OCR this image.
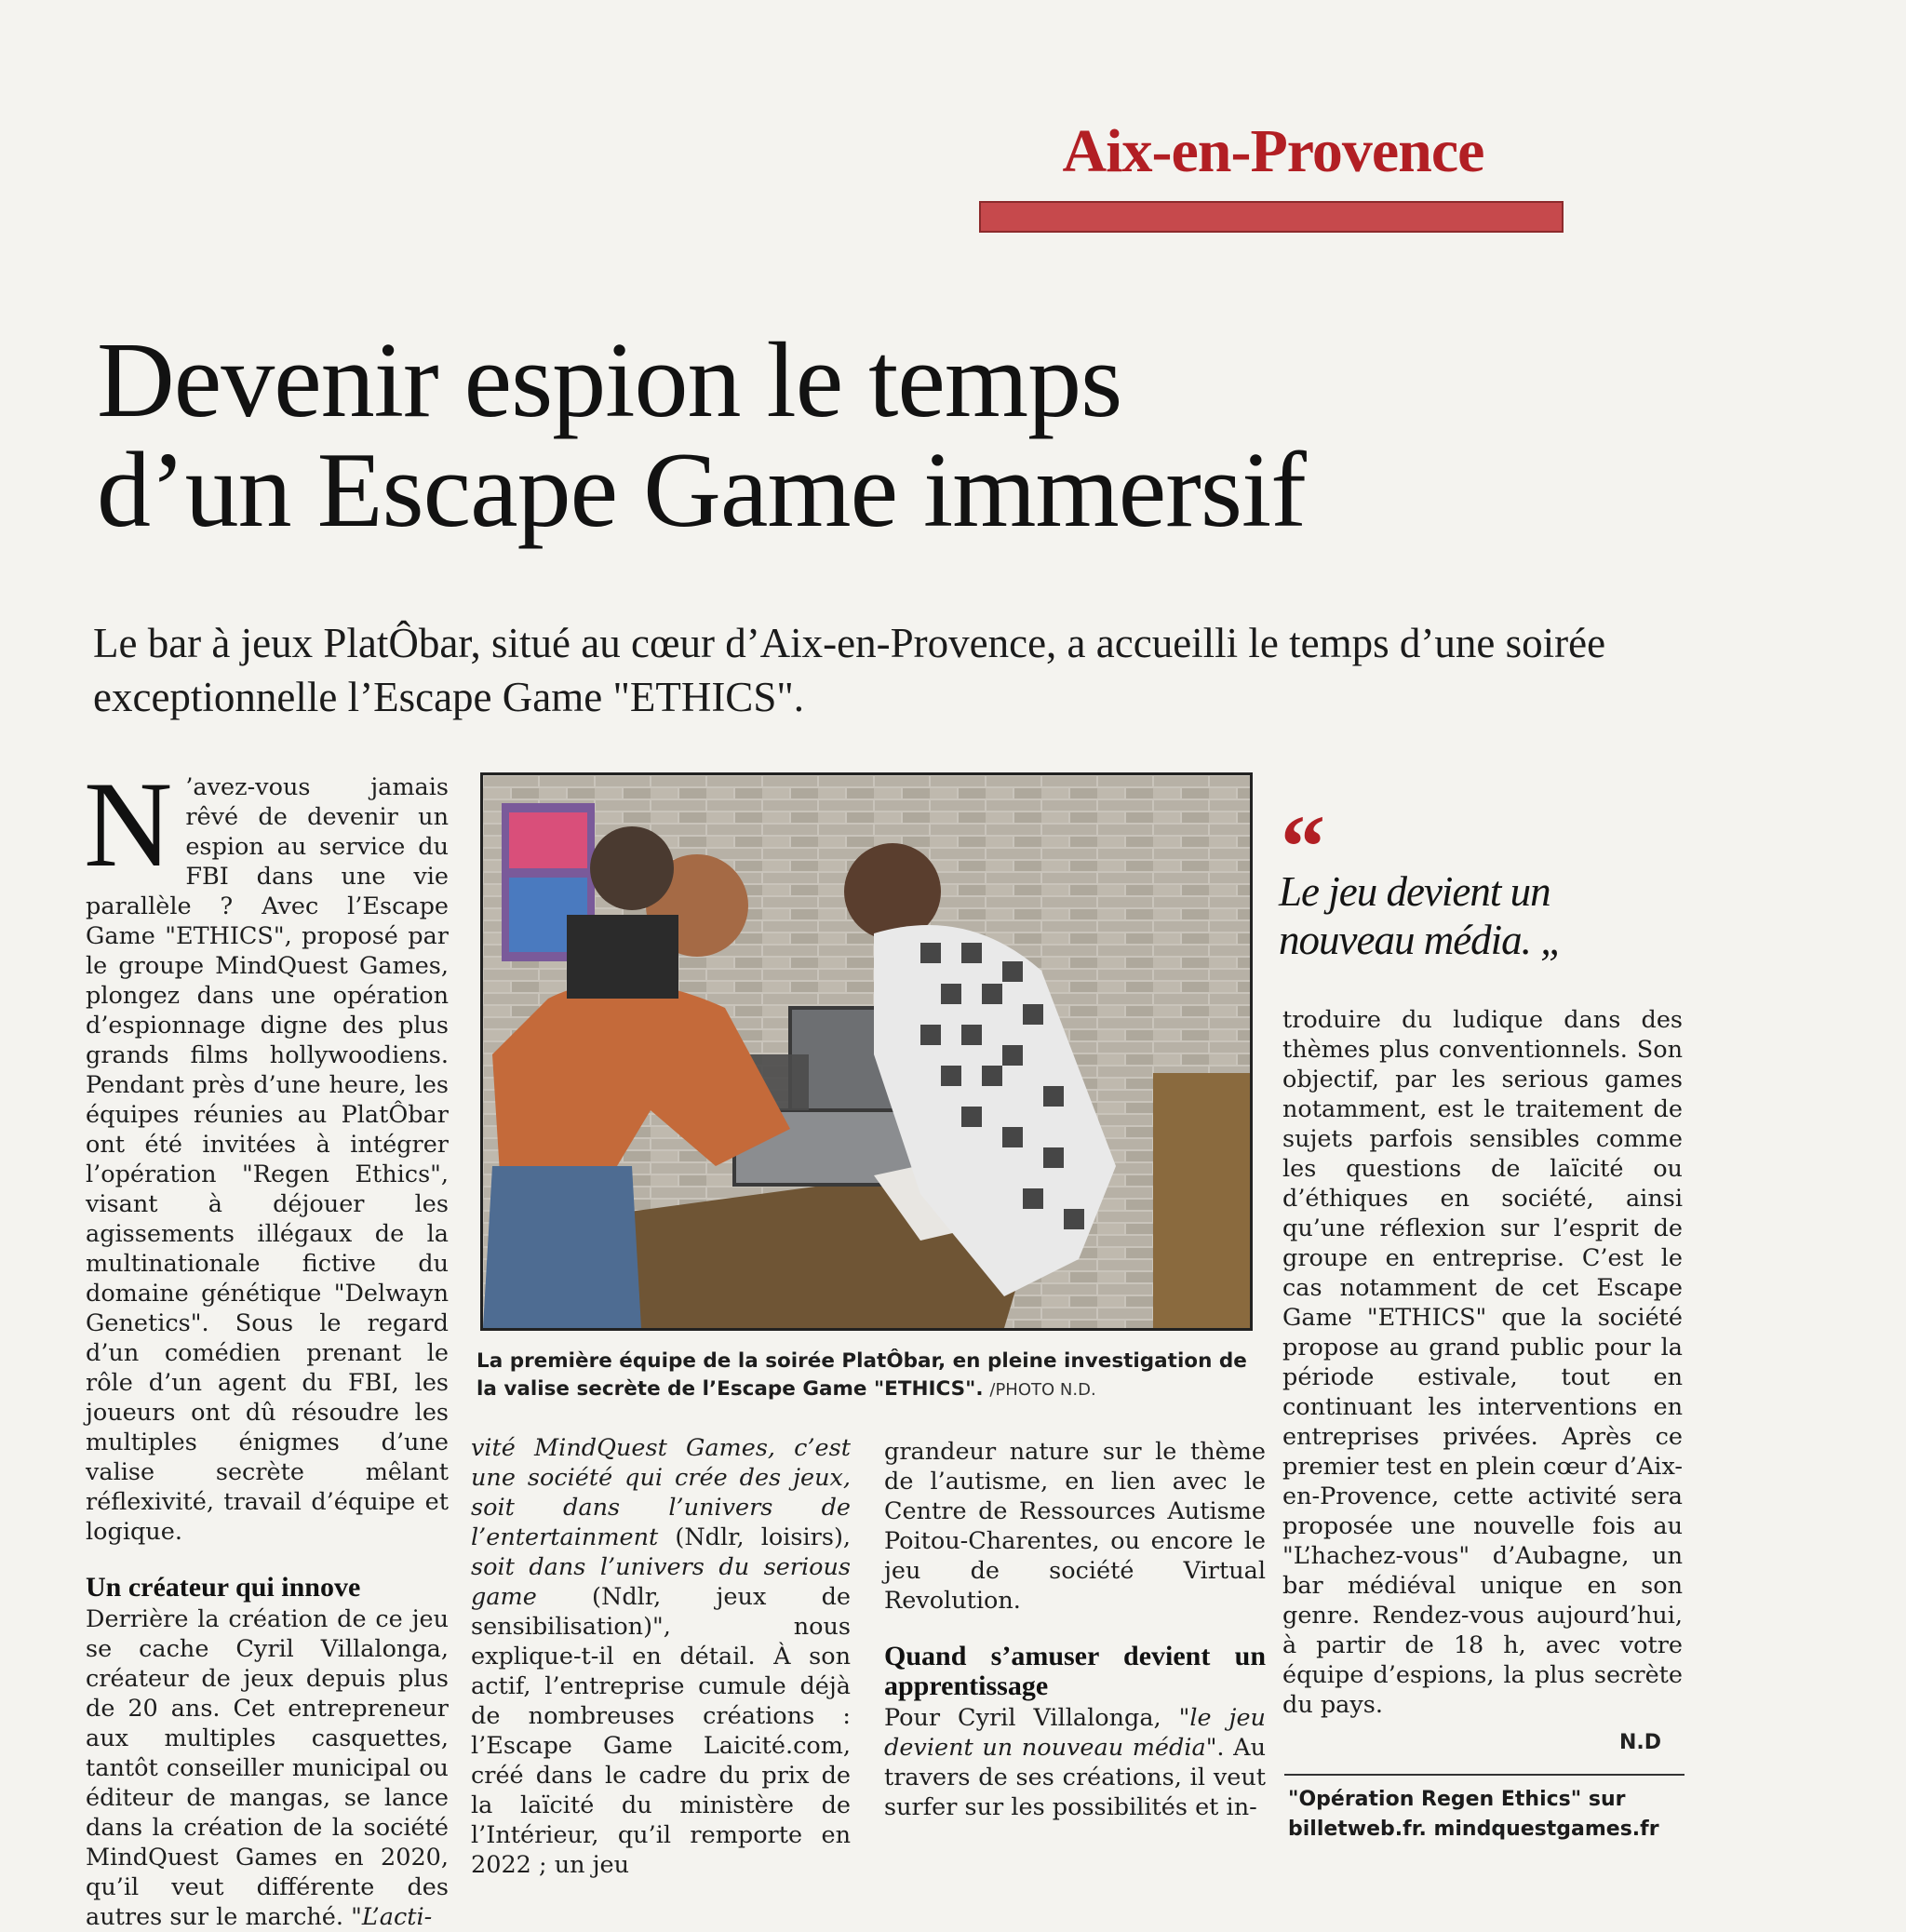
Aix-en-Provence
Devenir espion le temps
d’un Escape Game immersif
Le bar à jeux PlatÔbar, situé au cœur d’Aix-en-Provence, a accueilli le temps d’une soirée exceptionnelle l’Escape Game "ETHICS".
N ’avez-vous jamais rêvé de devenir un espion au service du FBI dans une vie parallèle ? Avec l’Escape Game "ETHICS", proposé par le groupe MindQuest Games, plongez dans une opération d’espionnage digne des plus grands films hollywoodiens. Pendant près d’une heure, les équipes réunies au PlatÔbar ont été invitées à intégrer l’opération "Regen Ethics", visant à déjouer les agissements illégaux de la multinationale fictive du domaine génétique "Delwayn Genetics". Sous le regard d’un comédien prenant le rôle d’un agent du FBI, les joueurs ont dû résoudre les multiples énigmes d’une valise secrète mêlant réflexivité, travail d’équipe et logique.

Un créateur qui innove

Derrière la création de ce jeu se cache Cyril Villalonga, créateur de jeux depuis plus de 20 ans. Cet entrepreneur aux multiples casquettes, tantôt conseiller municipal ou éditeur de mangas, se lance dans la création de la société MindQuest Games en 2020, qu’il veut différente des autres sur le marché. "L’acti-

La première équipe de la soirée PlatÔbar, en pleine investigation de la valise secrète de l’Escape Game "ETHICS". /PHOTO N.D.

vité MindQuest Games, c’est une société qui crée des jeux, soit dans l’univers de l’entertainment (Ndlr, loisirs), soit dans l’univers du serious game (Ndlr, jeux de sensibilisation)", nous explique-t-il en détail. À son actif, l’entreprise cumule déjà de nombreuses créations : l’Escape Game Laicité.com, créé dans le cadre du prix de la laïcité du ministère de l’Intérieur, qu’il remporte en 2022 ; un jeu

grandeur nature sur le thème de l’autisme, en lien avec le Centre de Ressources Autisme Poitou-Charentes, ou encore le jeu de société Virtual Revolution.

Quand s’amuser devient un apprentissage

Pour Cyril Villalonga, "le jeu devient un nouveau média". Au travers de ses créations, il veut surfer sur les possibilités et in-

“
Le jeu devient un nouveau média. „

troduire du ludique dans des thèmes plus conventionnels. Son objectif, par les serious games notamment, est le traitement de sujets parfois sensibles comme les questions de laïcité ou d’éthiques en société, ainsi qu’une réflexion sur l’esprit de groupe en entreprise. C’est le cas notamment de cet Escape Game "ETHICS" que la société propose au grand public pour la période estivale, tout en continuant les interventions en entreprises privées. Après ce premier test en plein cœur d’Aix-en-Provence, cette activité sera proposée une nouvelle fois au "L’hachez-vous" d’Aubagne, un bar médiéval unique en son genre. Rendez-vous aujourd’hui, à partir de 18 h, avec votre équipe d’espions, la plus secrète du pays.

N.D
"Opération Regen Ethics" sur
billetweb.fr. mindquestgames.fr
